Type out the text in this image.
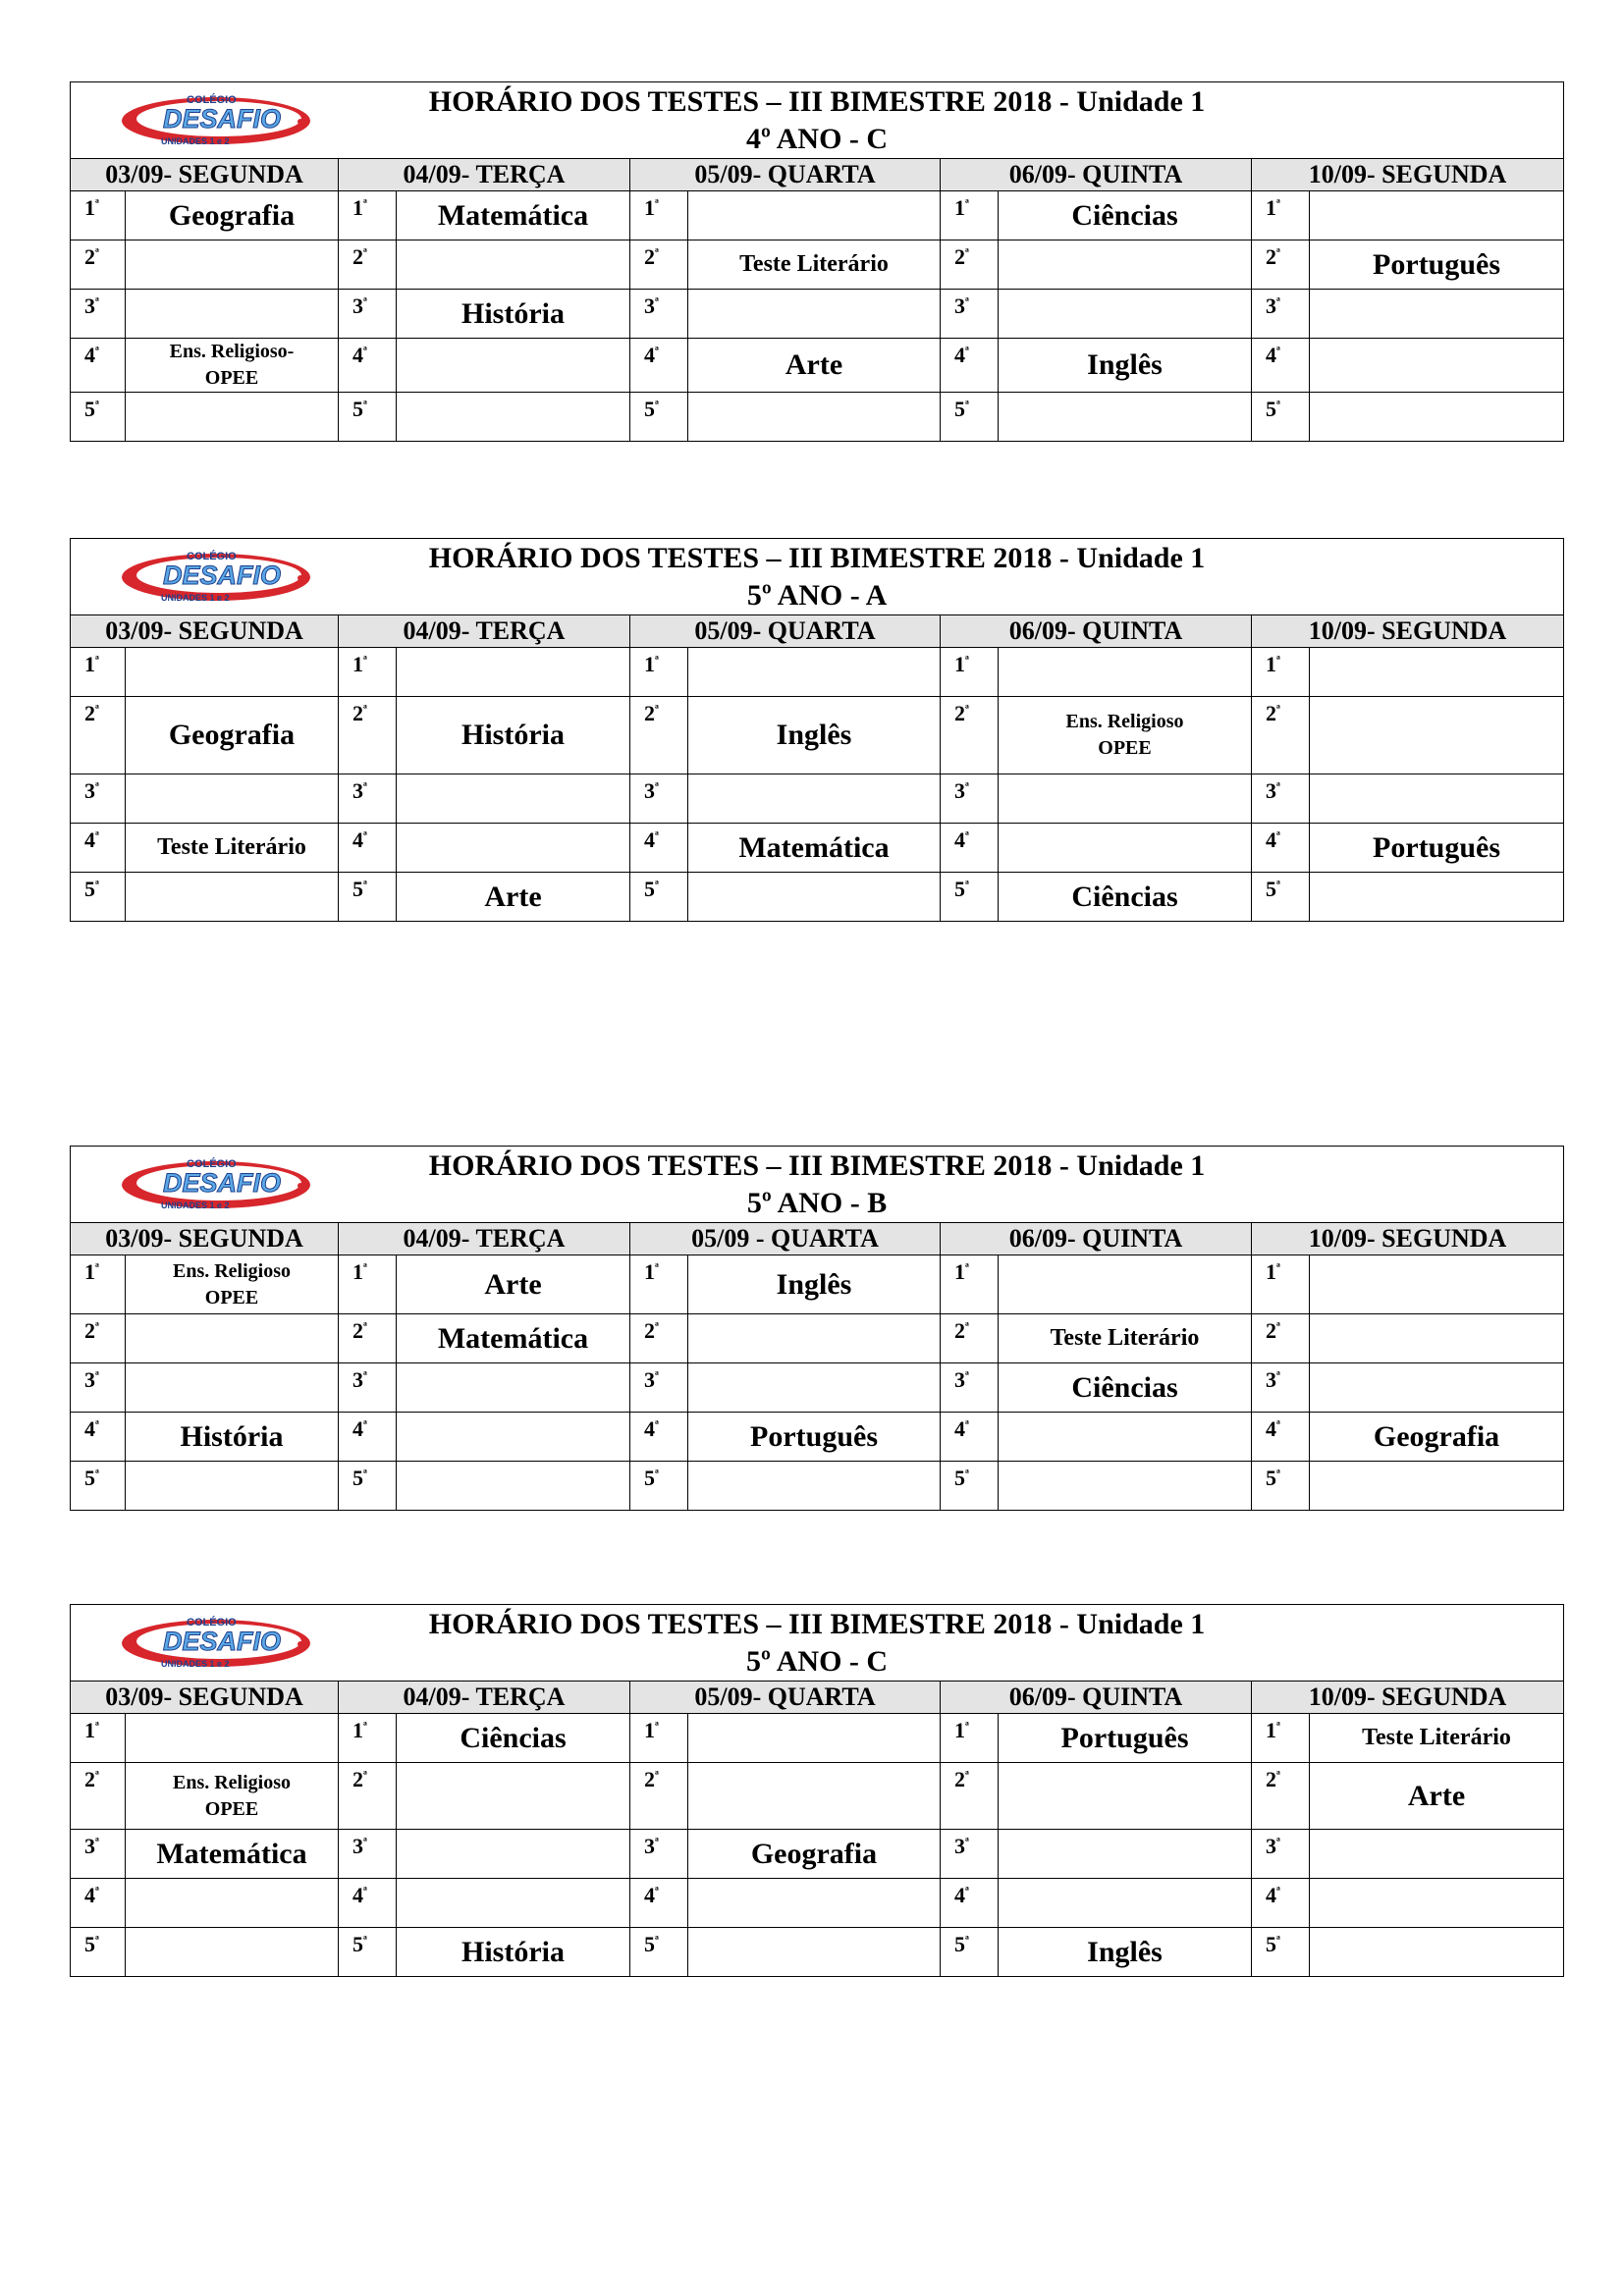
COLÉGIO
DESAFIO
UNIDADES 1 e 2
HORÁRIO DOS TESTES – III BIMESTRE 2018 - Unidade 1
4º ANO - C									

03/09- SEGUNDA		04/09- TERÇA		05/09- QUARTA		06/09- QUINTA		10/09- SEGUNDA	
$1^ª$	Geografia	$1^ª$	Matemática	$1^ª$		$1^ª$	Ciências	$1^ª$	
$2^ª$		$2^ª$		$2^ª$	Teste Literário	$2^ª$		$2^ª$	Português
$3^ª$		$3^ª$	História	$3^ª$		$3^ª$		$3^ª$	
$4^ª$	Ens. Religioso-
OPEE	$4^ª$		$4^ª$	Arte	$4^ª$	Inglês	$4^ª$	
$5^ª$		$5^ª$		$5^ª$		$5^ª$		$5^ª$	
COLÉGIO
DESAFIO
UNIDADES 1 e 2
HORÁRIO DOS TESTES – III BIMESTRE 2018 - Unidade 1
5º ANO - A									

03/09- SEGUNDA		04/09- TERÇA		05/09- QUARTA		06/09- QUINTA		10/09- SEGUNDA	
$1^ª$		$1^ª$		$1^ª$		$1^ª$		$1^ª$	
$2^ª$	Geografia	$2^ª$	História	$2^ª$	Inglês	$2^ª$	Ens. Religioso
OPEE	$2^ª$	
$3^ª$		$3^ª$		$3^ª$		$3^ª$		$3^ª$	
$4^ª$	Teste Literário	$4^ª$		$4^ª$	Matemática	$4^ª$		$4^ª$	Português
$5^ª$		$5^ª$	Arte	$5^ª$		$5^ª$	Ciências	$5^ª$	
COLÉGIO
DESAFIO
UNIDADES 1 e 2
HORÁRIO DOS TESTES – III BIMESTRE 2018 - Unidade 1
5º ANO - B									

03/09- SEGUNDA		04/09- TERÇA		05/09 - QUARTA		06/09- QUINTA		10/09- SEGUNDA	
$1^ª$	Ens. Religioso
OPEE	$1^ª$	Arte	$1^ª$	Inglês	$1^ª$		$1^ª$	
$2^ª$		$2^ª$	Matemática	$2^ª$		$2^ª$	Teste Literário	$2^ª$	
$3^ª$		$3^ª$		$3^ª$		$3^ª$	Ciências	$3^ª$	
$4^ª$	História	$4^ª$		$4^ª$	Português	$4^ª$		$4^ª$	Geografia
$5^ª$		$5^ª$		$5^ª$		$5^ª$		$5^ª$	
COLÉGIO
DESAFIO
UNIDADES 1 e 2
HORÁRIO DOS TESTES – III BIMESTRE 2018 - Unidade 1
5º ANO - C									

03/09- SEGUNDA		04/09- TERÇA		05/09- QUARTA		06/09- QUINTA		10/09- SEGUNDA	
$1^ª$		$1^ª$	Ciências	$1^ª$		$1^ª$	Português	$1^ª$	Teste Literário
$2^ª$	Ens. Religioso
OPEE	$2^ª$		$2^ª$		$2^ª$		$2^ª$	Arte
$3^ª$	Matemática	$3^ª$		$3^ª$	Geografia	$3^ª$		$3^ª$	
$4^ª$		$4^ª$		$4^ª$		$4^ª$		$4^ª$	
$5^ª$		$5^ª$	História	$5^ª$		$5^ª$	Inglês	$5^ª$	
